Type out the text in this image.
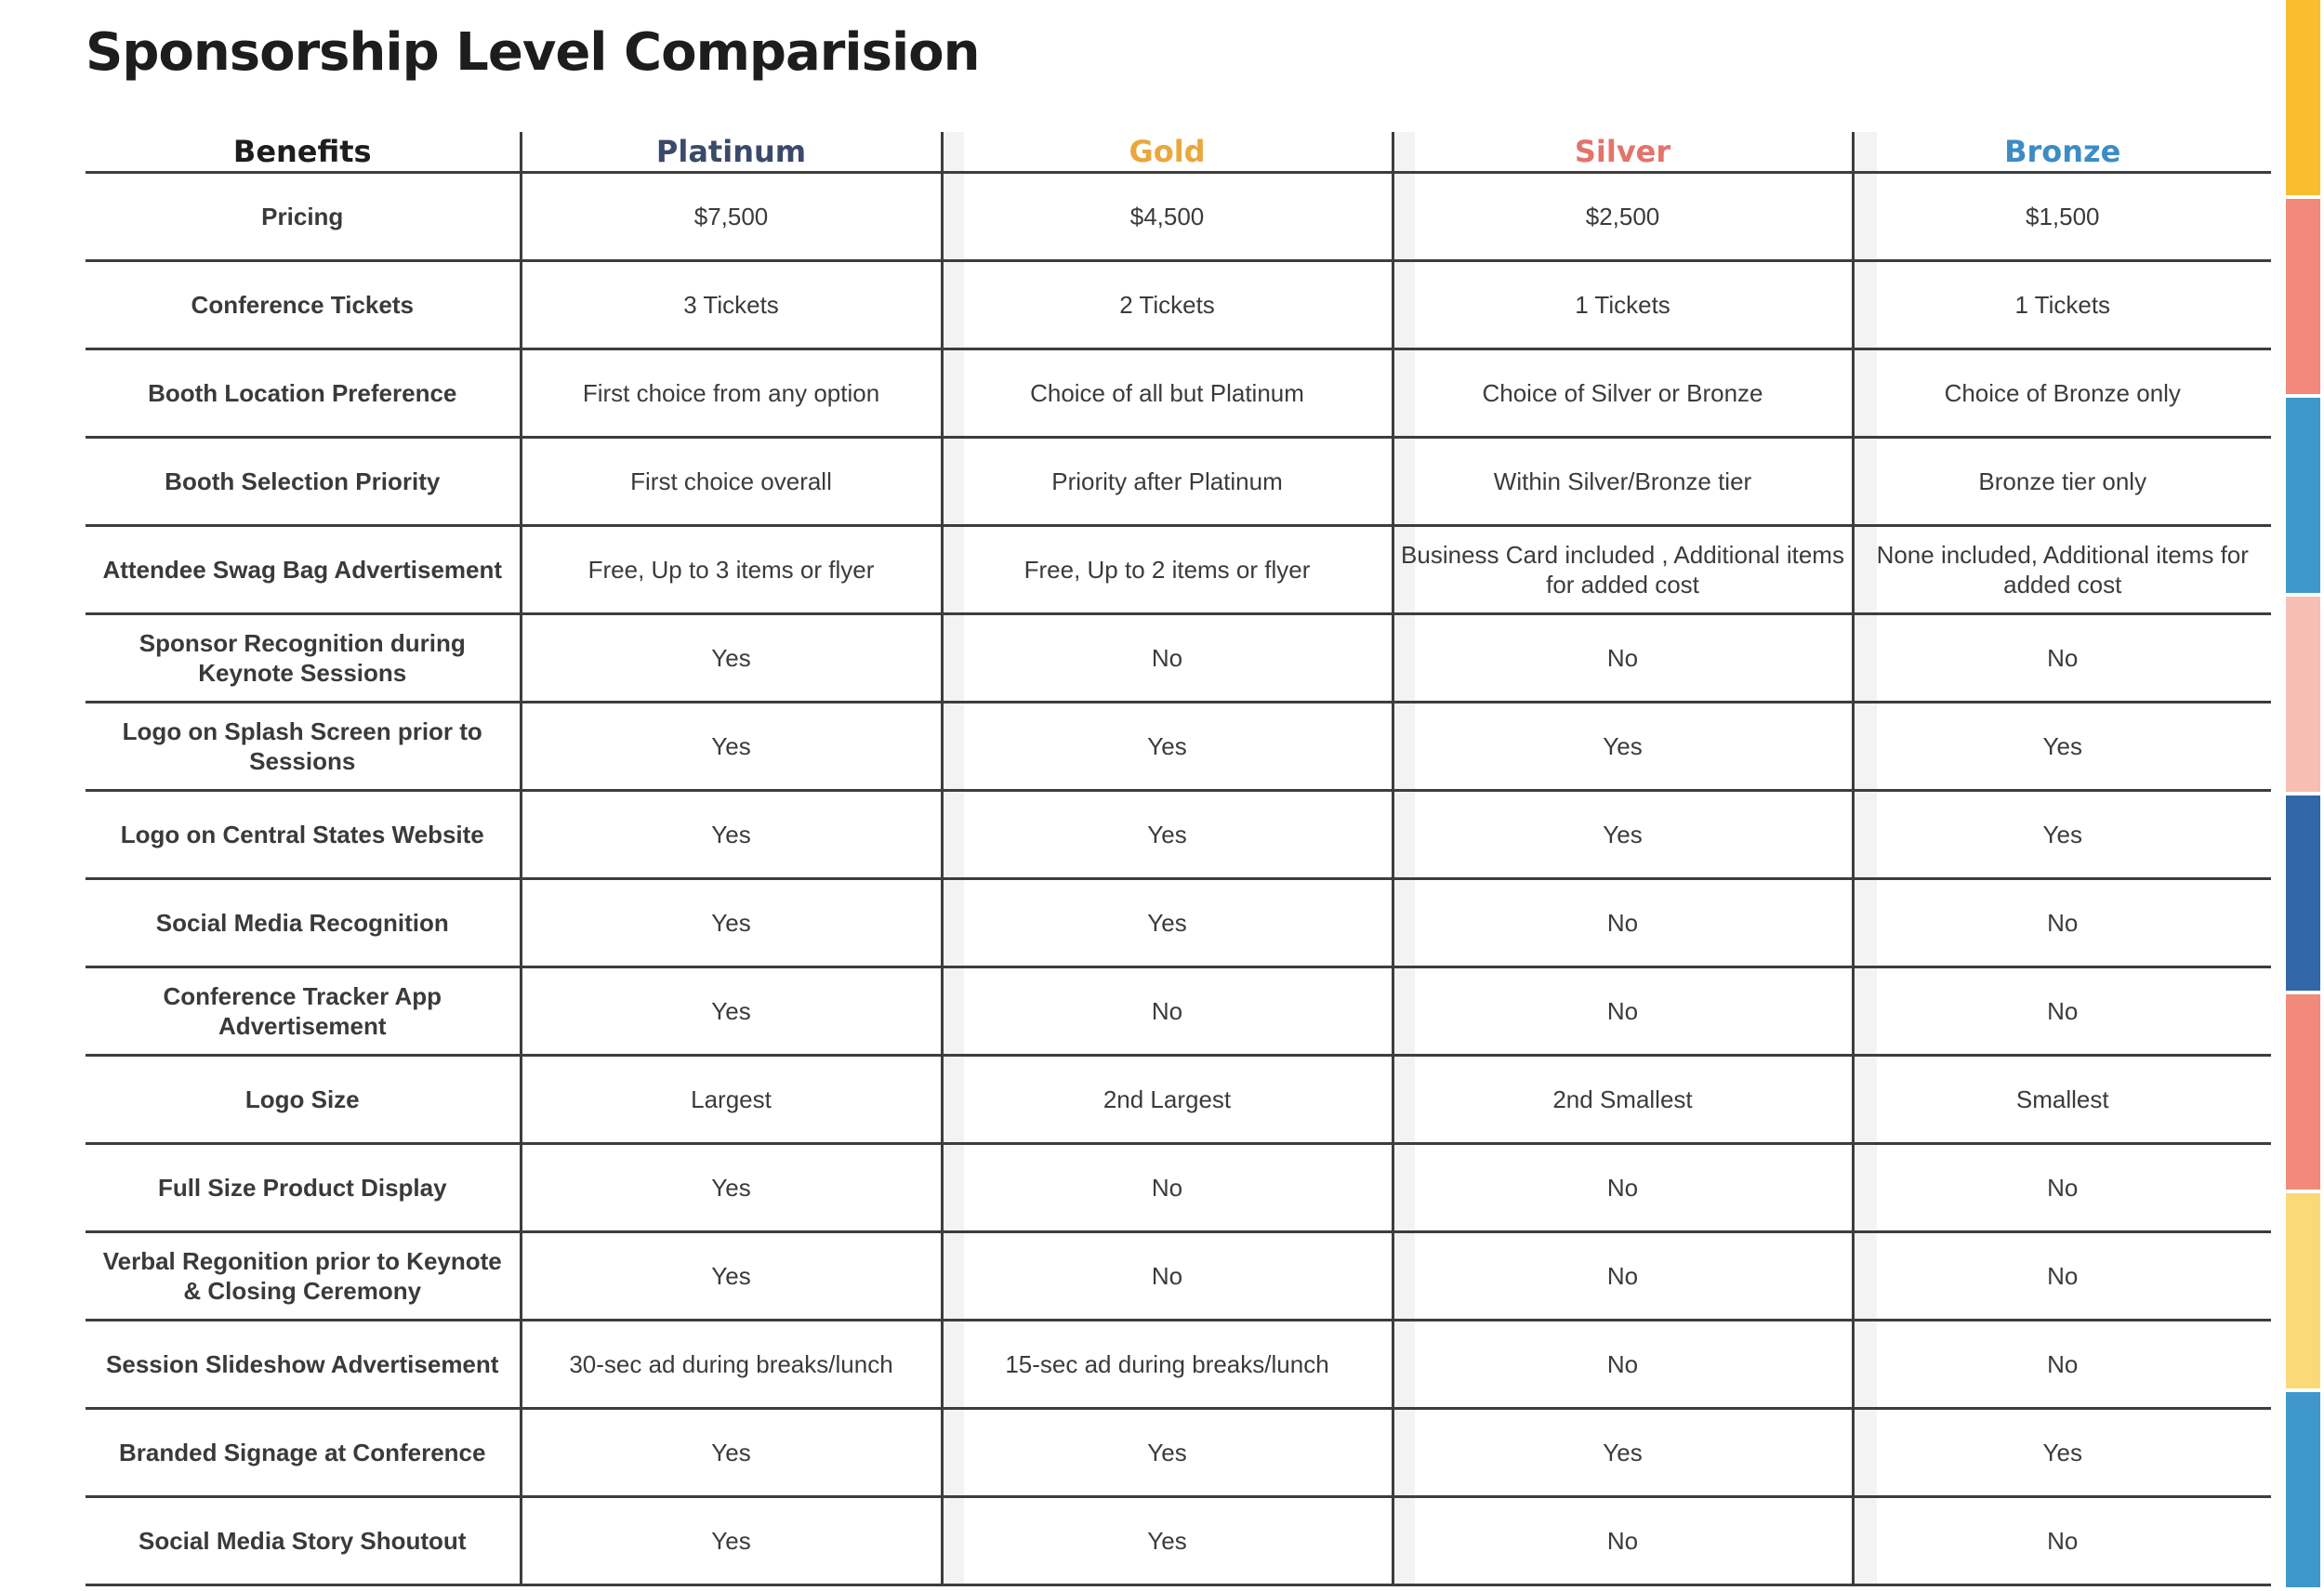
Sponsorship Level Comparision
Benefits	Platinum	Gold	Silver	Bronze
Pricing	$7,500	$4,500	$2,500	$1,500
Conference Tickets	3 Tickets	2 Tickets	1 Tickets	1 Tickets
Booth Location Preference	First choice from any option	Choice of all but Platinum	Choice of Silver or Bronze	Choice of Bronze only
Booth Selection Priority	First choice overall	Priority after Platinum	Within Silver/Bronze tier	Bronze tier only
Attendee Swag Bag Advertisement	Free, Up to 3 items or flyer	Free, Up to 2 items or flyer	Business Card included , Additional items for added cost	None included, Additional items for added cost
Sponsor Recognition during Keynote Sessions	Yes	No	No	No
Logo on Splash Screen prior to Sessions	Yes	Yes	Yes	Yes
Logo on Central States Website	Yes	Yes	Yes	Yes
Social Media Recognition	Yes	Yes	No	No
Conference Tracker App Advertisement	Yes	No	No	No
Logo Size	Largest	2nd Largest	2nd Smallest	Smallest
Full Size Product Display	Yes	No	No	No
Verbal Regonition prior to Keynote & Closing Ceremony	Yes	No	No	No
Session Slideshow Advertisement	30-sec ad during breaks/lunch	15-sec ad during breaks/lunch	No	No
Branded Signage at Conference	Yes	Yes	Yes	Yes
Social Media Story Shoutout	Yes	Yes	No	No
